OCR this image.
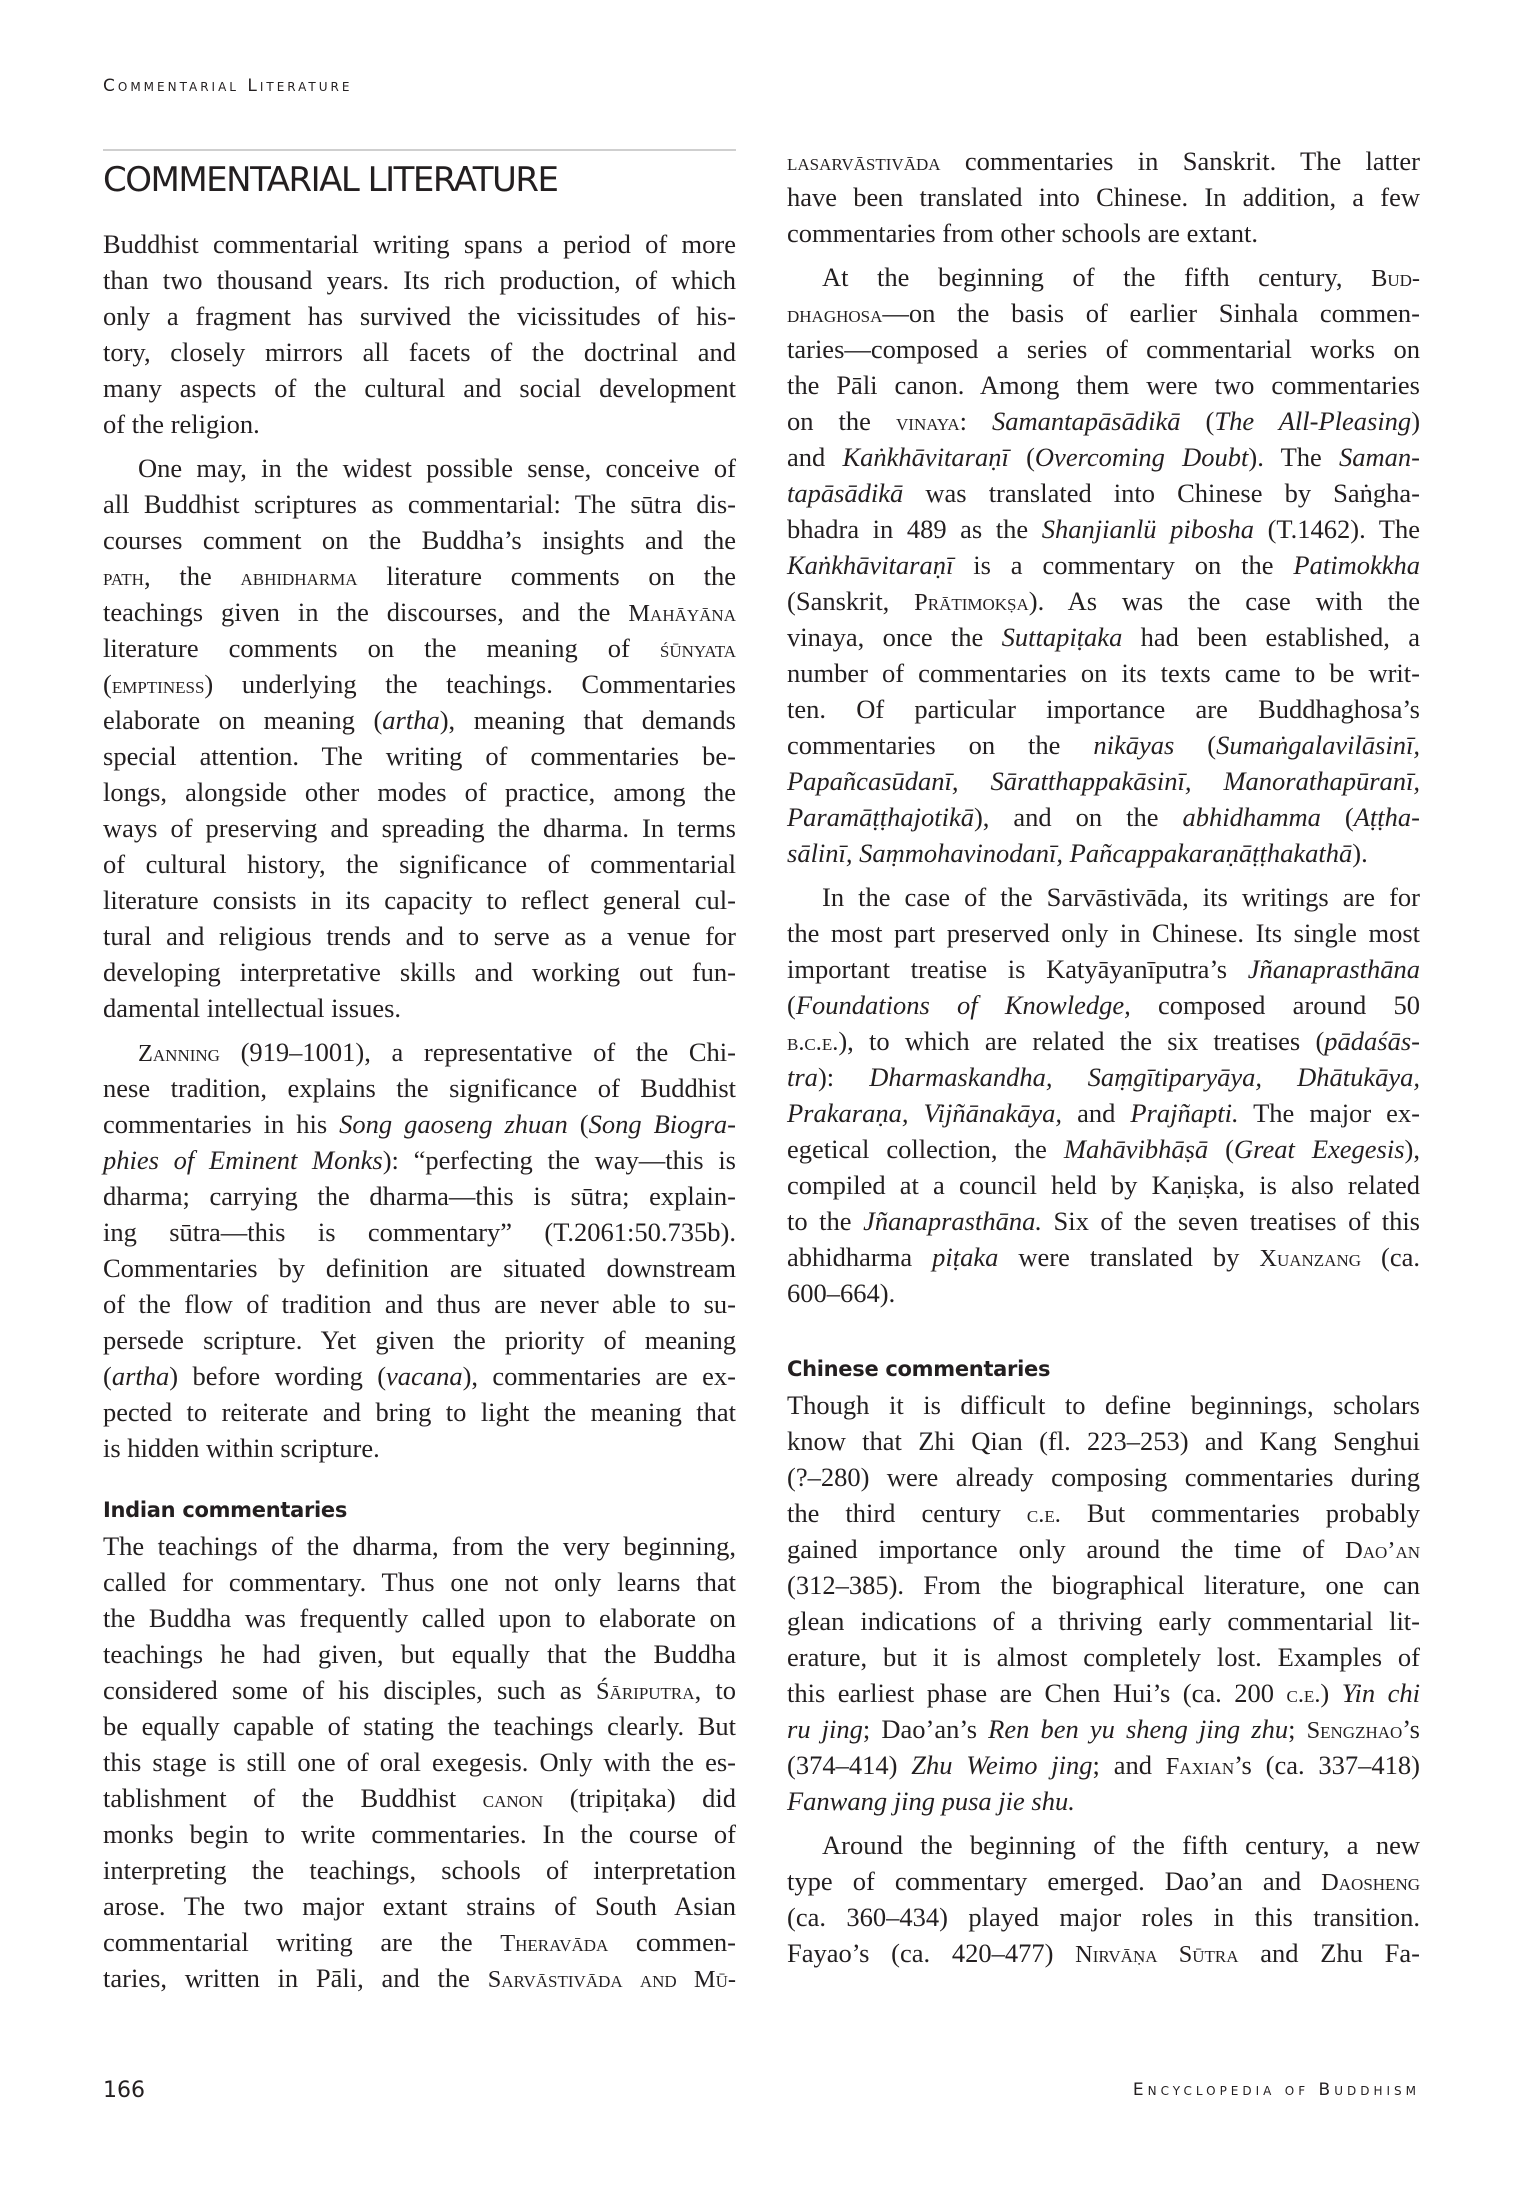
Commentarial Literature
COMMENTARIAL LITERATURE

Buddhist commentarial writing spans a period of more
than two thousand years. Its rich production, of which
only a fragment has survived the vicissitudes of his-
tory, closely mirrors all facets of the doctrinal and
many aspects of the cultural and social development
of the religion.

One may, in the widest possible sense, conceive of
all Buddhist scriptures as commentarial: The sūtra dis-
courses comment on the Buddha’s insights and the
path, the abhidharma literature comments on the
teachings given in the discourses, and the Mahāyāna
literature comments on the meaning of śūnyata
(emptiness) underlying the teachings. Commentaries
elaborate on meaning (artha), meaning that demands
special attention. The writing of commentaries be-
longs, alongside other modes of practice, among the
ways of preserving and spreading the dharma. In terms
of cultural history, the significance of commentarial
literature consists in its capacity to reflect general cul-
tural and religious trends and to serve as a venue for
developing interpretative skills and working out fun-
damental intellectual issues.

Zanning (919–1001), a representative of the Chi-
nese tradition, explains the significance of Buddhist
commentaries in his Song gaoseng zhuan (Song Biogra-
phies of Eminent Monks): “perfecting the way—this is
dharma; carrying the dharma—this is sūtra; explain-
ing sūtra—this is commentary” (T.2061:50.735b).
Commentaries by definition are situated downstream
of the flow of tradition and thus are never able to su-
persede scripture. Yet given the priority of meaning
(artha) before wording (vacana), commentaries are ex-
pected to reiterate and bring to light the meaning that
is hidden within scripture.

Indian commentaries

The teachings of the dharma, from the very beginning,
called for commentary. Thus one not only learns that
the Buddha was frequently called upon to elaborate on
teachings he had given, but equally that the Buddha
considered some of his disciples, such as Śāriputra, to
be equally capable of stating the teachings clearly. But
this stage is still one of oral exegesis. Only with the es-
tablishment of the Buddhist canon (tripiṭaka) did
monks begin to write commentaries. In the course of
interpreting the teachings, schools of interpretation
arose. The two major extant strains of South Asian
commentarial writing are the Theravāda commen-
taries, written in Pāli, and the Sarvāstivāda and Mū-

lasarvāstivāda commentaries in Sanskrit. The latter
have been translated into Chinese. In addition, a few
commentaries from other schools are extant.

At the beginning of the fifth century, Bud-
dhaghosa—on the basis of earlier Sinhala commen-
taries—composed a series of commentarial works on
the Pāli canon. Among them were two commentaries
on the vinaya: Samantapāsādikā (The All-Pleasing)
and Kaṅkhāvitaraṇī (Overcoming Doubt). The Saman-
tapāsādikā was translated into Chinese by Saṅgha-
bhadra in 489 as the Shanjianlü pibosha (T.1462). The
Kaṅkhāvitaraṇī is a commentary on the Patimokkha
(Sanskrit, Prātimokṣa). As was the case with the
vinaya, once the Suttapiṭaka had been established, a
number of commentaries on its texts came to be writ-
ten. Of particular importance are Buddhaghosa’s
commentaries on the nikāyas (Sumaṅgalavilāsinī,
Papañcasūdanī, Sāratthappakāsinī, Manorathapūranī,
Paramāṭṭhajotikā), and on the abhidhamma (Aṭṭha-
sālinī, Saṃmohavinodanī, Pañcappakaraṇāṭṭhakathā).

In the case of the Sarvāstivāda, its writings are for
the most part preserved only in Chinese. Its single most
important treatise is Katyāyanīputra’s Jñanaprasthāna
(Foundations of Knowledge, composed around 50
b.c.e.), to which are related the six treatises (pādaśās-
tra): Dharmaskandha, Saṃgītiparyāya, Dhātukāya,
Prakaraṇa, Vijñānakāya, and Prajñapti. The major ex-
egetical collection, the Mahāvibhāṣā (Great Exegesis),
compiled at a council held by Kaṇiṣka, is also related
to the Jñanaprasthāna. Six of the seven treatises of this
abhidharma piṭaka were translated by Xuanzang (ca.
600–664).

Chinese commentaries

Though it is difficult to define beginnings, scholars
know that Zhi Qian (fl. 223–253) and Kang Senghui
(?–280) were already composing commentaries during
the third century c.e. But commentaries probably
gained importance only around the time of Dao’an
(312–385). From the biographical literature, one can
glean indications of a thriving early commentarial lit-
erature, but it is almost completely lost. Examples of
this earliest phase are Chen Hui’s (ca. 200 c.e.) Yin chi
ru jing; Dao’an’s Ren ben yu sheng jing zhu; Sengzhao’s
(374–414) Zhu Weimo jing; and Faxian’s (ca. 337–418)
Fanwang jing pusa jie shu.

Around the beginning of the fifth century, a new
type of commentary emerged. Dao’an and Daosheng
(ca. 360–434) played major roles in this transition.
Fayao’s (ca. 420–477) Nirvāṇa Sūtra and Zhu Fa-

166	Encyclopedia of Buddhism
